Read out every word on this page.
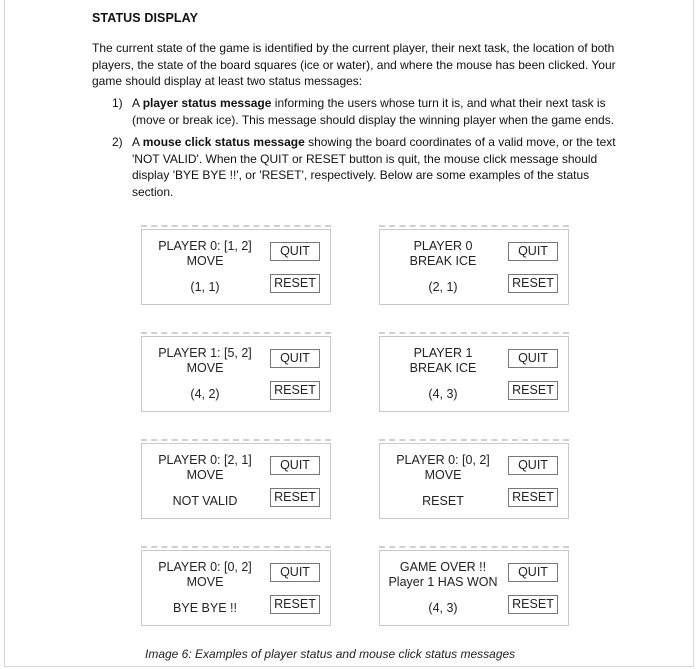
STATUS DISPLAY
The current state of the game is identified by the current player, their next task, the location of both players, the state of the board squares (ice or water), and where the mouse has been clicked. Your game should display at least two status messages:
1) A player status message informing the users whose turn it is, and what their next task is (move or break ice). This message should display the winning player when the game ends.
2) A mouse click status message showing the board coordinates of a valid move, or the text 'NOT VALID'. When the QUIT or RESET button is quit, the mouse click message should display 'BYE BYE !!', or 'RESET', respectively. Below are some examples of the status section.
PLAYER 0: [1, 2]
MOVE
(1, 1)
QUIT
RESET
PLAYER 0
BREAK ICE
(2, 1)
QUIT
RESET
PLAYER 1: [5, 2]
MOVE
(4, 2)
QUIT
RESET
PLAYER 1
BREAK ICE
(4, 3)
QUIT
RESET
PLAYER 0: [2, 1]
MOVE
NOT VALID
QUIT
RESET
PLAYER 0: [0, 2]
MOVE
RESET
QUIT
RESET
PLAYER 0: [0, 2]
MOVE
BYE BYE !!
QUIT
RESET
GAME OVER !!
Player 1 HAS WON
(4, 3)
QUIT
RESET
Image 6: Examples of player status and mouse click status messages
